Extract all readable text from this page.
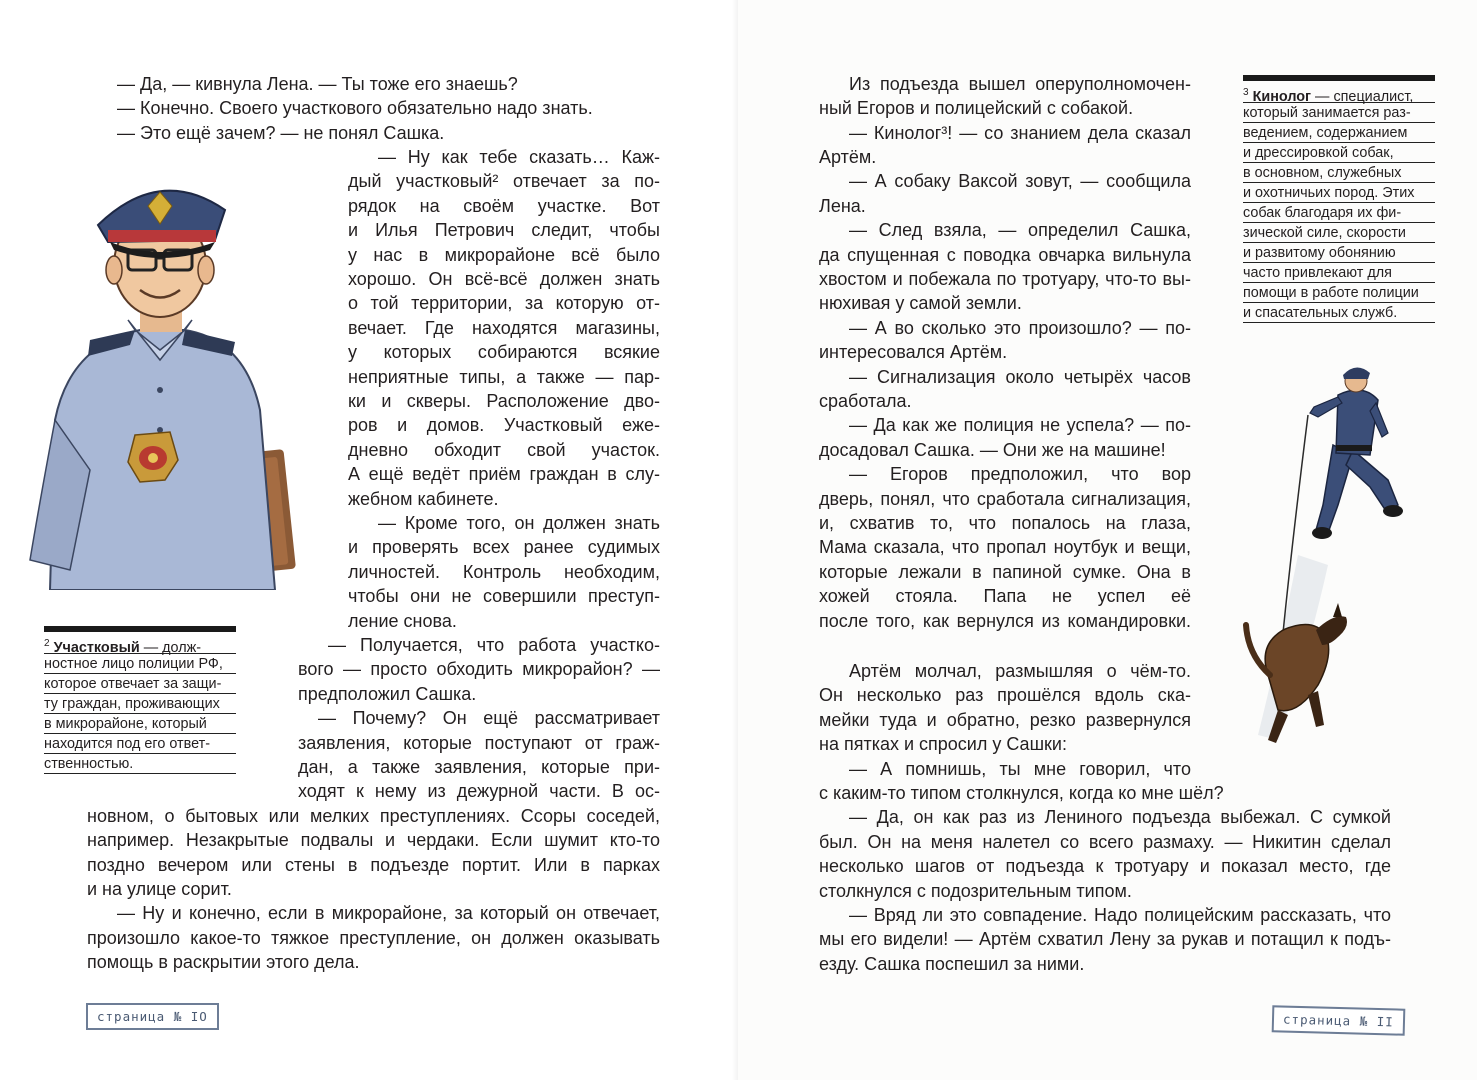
— Да, — кивнула Лена. — Ты тоже его знаешь?
— Конечно. Своего участкового обязательно надо знать.
— Это ещё зачем? — не понял Сашка.
— Ну как тебе сказать… Каж-
дый участковый² отвечает за по-
рядок на своём участке. Вот
и Илья Петрович следит, чтобы
у нас в микрорайоне всё было
хорошо. Он всё-всё должен знать
о той территории, за которую от-
вечает. Где находятся магазины,
у которых собираются всякие
неприятные типы, а также — пар-
ки и скверы. Расположение дво-
ров и домов. Участковый еже-
дневно обходит свой участок.
А ещё ведёт приём граждан в слу-
жебном кабинете.
— Кроме того, он должен знать
и проверять всех ранее судимых
личностей. Контроль необходим,
чтобы они не совершили преступ-
ление снова.
— Получается, что работа участко-
вого — просто обходить микрорайон? —
предположил Сашка.
— Почему? Он ещё рассматривает
заявления, которые поступают от граж-
дан, а также заявления, которые при-
ходят к нему из дежурной части. В ос-
новном, о бытовых или мелких преступлениях. Ссоры соседей,
например. Незакрытые подвалы и чердаки. Если шумит кто-то
поздно вечером или стены в подъезде портит. Или в парках
и на улице сорит.
— Ну и конечно, если в микрорайоне, за который он отвечает,
произошло какое-то тяжкое преступление, он должен оказывать
помощь в раскрытии этого дела.
$^2$ Участковый — долж-
ностное лицо полиции РФ,
которое отвечает за защи-
ту граждан, проживающих
в микрорайоне, который
находится под его ответ-
ственностью.
страница № IO
Из подъезда вышел оперуполномочен-
ный Егоров и полицейский с собакой.
— Кинолог³! — со знанием дела сказал
Артём.
— А собаку Ваксой зовут, — сообщила
Лена.
— След взяла, — определил Сашка,
да спущенная с поводка овчарка вильнула
хвостом и побежала по тротуару, что-то вы-
нюхивая у самой земли.
— А во сколько это произошло? — по-
интересовался Артём.
— Сигнализация около четырёх часов
сработала.
— Да как же полиция не успела? — по-
досадовал Сашка. — Они же на машине!
— Егоров предположил, что вор
дверь, понял, что сработала сигнализация,
и, схватив то, что попалось на глаза,
Мама сказала, что пропал ноутбук и вещи,
которые лежали в папиной сумке. Она в
хожей стояла. Папа не успел её
после того, как вернулся из командировки.
Артём молчал, размышляя о чём-то.
Он несколько раз прошёлся вдоль ска-
мейки туда и обратно, резко развернулся
на пятках и спросил у Сашки:
— А помнишь, ты мне говорил, что
с каким-то типом столкнулся, когда ко мне шёл?
— Да, он как раз из Лениного подъезда выбежал. С сумкой
был. Он на меня налетел со всего размаху. — Никитин сделал
несколько шагов от подъезда к тротуару и показал место, где
столкнулся с подозрительным типом.
— Вряд ли это совпадение. Надо полицейским рассказать, что
мы его видели! — Артём схватил Лену за рукав и потащил к подъ-
езду. Сашка поспешил за ними.
$^3$ Кинолог — специалист,
который занимается раз-
ведением, содержанием
и дрессировкой собак,
в основном, служебных
и охотничьих пород. Этих
собак благодаря их фи-
зической силе, скорости
и развитому обонянию
часто привлекают для
помощи в работе полиции
и спасательных служб.
страница № II
